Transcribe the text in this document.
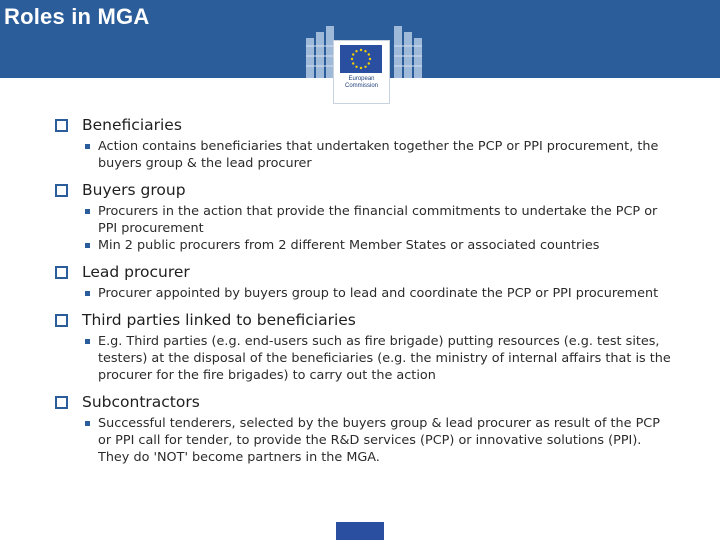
Roles in MGA
European
Commission
Beneficiaries
Action contains beneficiaries that undertaken together the PCP or PPI procurement, the buyers group & the lead procurer
Buyers group
Procurers in the action that provide the financial commitments to undertake the PCP or PPI procurement
Min 2 public procurers from 2 different Member States or associated countries
Lead procurer
Procurer appointed by buyers group to lead and coordinate the PCP or PPI procurement
Third parties linked to beneficiaries
E.g. Third parties (e.g. end-users such as fire brigade) putting resources (e.g. test sites, testers) at the disposal of the beneficiaries (e.g. the ministry of internal affairs that is the procurer for the fire brigades) to carry out the action
Subcontractors
Successful tenderers, selected by the buyers group & lead procurer as result of the PCP or PPI call for tender, to provide the R&D services (PCP) or innovative solutions (PPI). They do 'NOT' become partners in the MGA.
